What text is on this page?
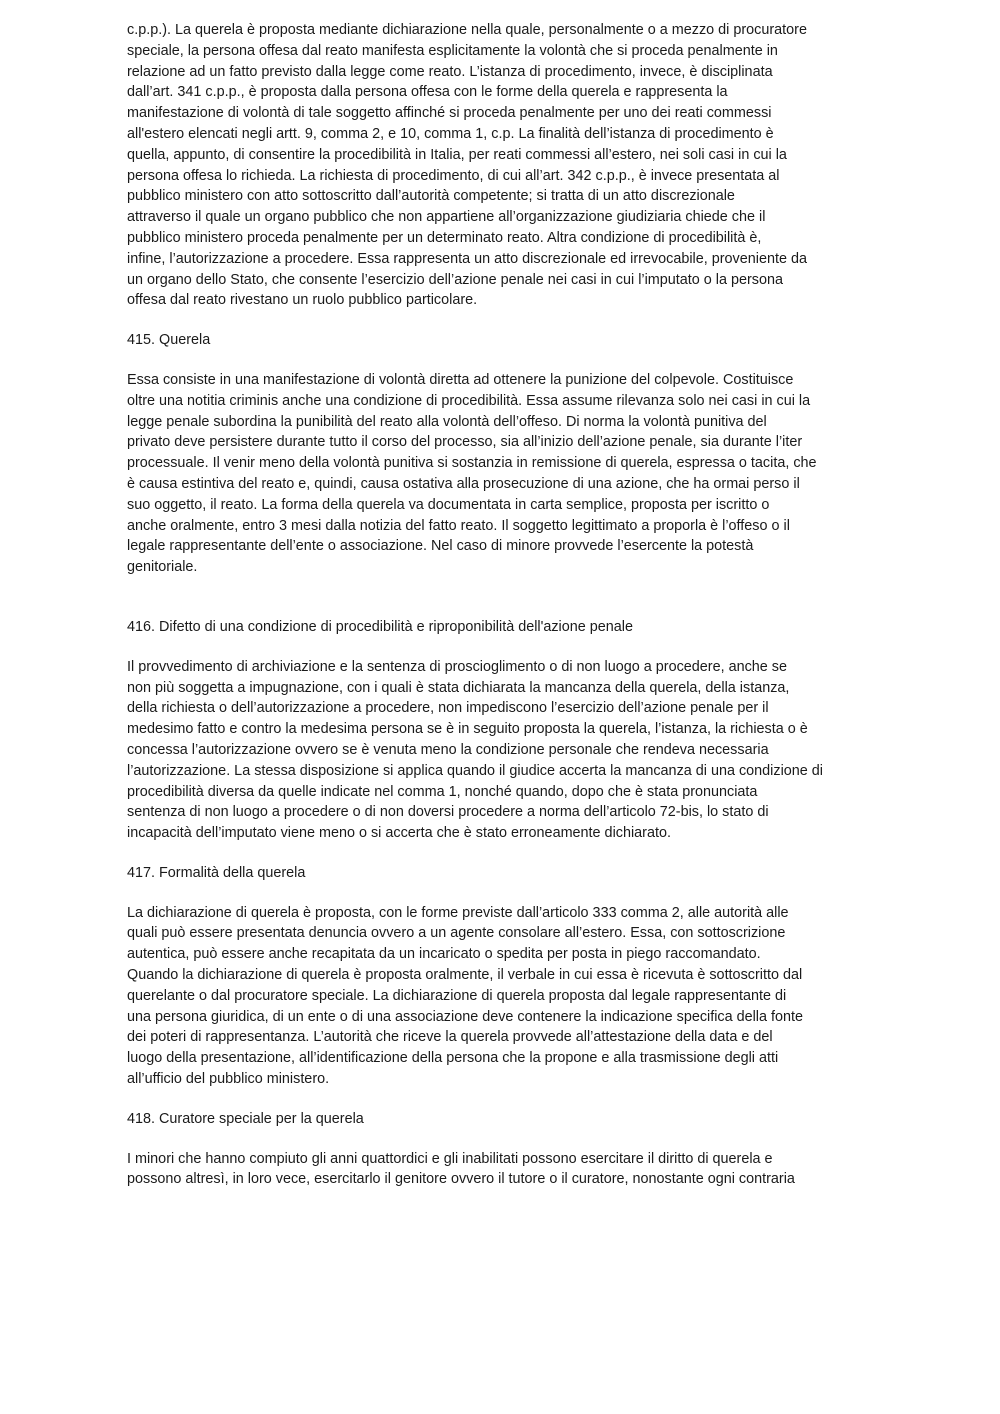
c.p.p.). La querela è proposta mediante dichiarazione nella quale, personalmente o a mezzo di procuratore

speciale, la persona offesa dal reato manifesta esplicitamente la volontà che si proceda penalmente in

relazione ad un fatto previsto dalla legge come reato. L’istanza di procedimento, invece, è disciplinata

dall’art. 341 c.p.p., è proposta dalla persona offesa con le forme della querela e rappresenta la

manifestazione di volontà di tale soggetto affinché si proceda penalmente per uno dei reati commessi

all'estero elencati negli artt. 9, comma 2, e 10, comma 1, c.p. La finalità dell’istanza di procedimento è

quella, appunto, di consentire la procedibilità in Italia, per reati commessi all’estero, nei soli casi in cui la

persona offesa lo richieda. La richiesta di procedimento, di cui all’art. 342 c.p.p., è invece presentata al

pubblico ministero con atto sottoscritto dall’autorità competente; si tratta di un atto discrezionale

attraverso il quale un organo pubblico che non appartiene all’organizzazione giudiziaria chiede che il

pubblico ministero proceda penalmente per un determinato reato. Altra condizione di procedibilità è,

infine, l’autorizzazione a procedere. Essa rappresenta un atto discrezionale ed irrevocabile, proveniente da

un organo dello Stato, che consente l’esercizio dell’azione penale nei casi in cui l’imputato o la persona

offesa dal reato rivestano un ruolo pubblico particolare.

415. Querela

Essa consiste in una manifestazione di volontà diretta ad ottenere la punizione del colpevole. Costituisce

oltre una notitia criminis anche una condizione di procedibilità. Essa assume rilevanza solo nei casi in cui la

legge penale subordina la punibilità del reato alla volontà dell’offeso. Di norma la volontà punitiva del

privato deve persistere durante tutto il corso del processo, sia all’inizio dell’azione penale, sia durante l’iter

processuale. Il venir meno della volontà punitiva si sostanzia in remissione di querela, espressa o tacita, che

è causa estintiva del reato e, quindi, causa ostativa alla prosecuzione di una azione, che ha ormai perso il

suo oggetto, il reato. La forma della querela va documentata in carta semplice, proposta per iscritto o

anche oralmente, entro 3 mesi dalla notizia del fatto reato. Il soggetto legittimato a proporla è l’offeso o il

legale rappresentante dell’ente o associazione. Nel caso di minore provvede l’esercente la potestà

genitoriale.

416. Difetto di una condizione di procedibilità e riproponibilità dell'azione penale

Il provvedimento di archiviazione e la sentenza di proscioglimento o di non luogo a procedere, anche se

non più soggetta a impugnazione, con i quali è stata dichiarata la mancanza della querela, della istanza,

della richiesta o dell’autorizzazione a procedere, non impediscono l’esercizio dell’azione penale per il

medesimo fatto e contro la medesima persona se è in seguito proposta la querela, l’istanza, la richiesta o è

concessa l’autorizzazione ovvero se è venuta meno la condizione personale che rendeva necessaria

l’autorizzazione. La stessa disposizione si applica quando il giudice accerta la mancanza di una condizione di

procedibilità diversa da quelle indicate nel comma 1, nonché quando, dopo che è stata pronunciata

sentenza di non luogo a procedere o di non doversi procedere a norma dell’articolo 72-bis, lo stato di

incapacità dell’imputato viene meno o si accerta che è stato erroneamente dichiarato.

417. Formalità della querela

La dichiarazione di querela è proposta, con le forme previste dall’articolo 333 comma 2, alle autorità alle

quali può essere presentata denuncia ovvero a un agente consolare all’estero. Essa, con sottoscrizione

autentica, può essere anche recapitata da un incaricato o spedita per posta in piego raccomandato.

Quando la dichiarazione di querela è proposta oralmente, il verbale in cui essa è ricevuta è sottoscritto dal

querelante o dal procuratore speciale. La dichiarazione di querela proposta dal legale rappresentante di

una persona giuridica, di un ente o di una associazione deve contenere la indicazione specifica della fonte

dei poteri di rappresentanza. L’autorità che riceve la querela provvede all’attestazione della data e del

luogo della presentazione, all’identificazione della persona che la propone e alla trasmissione degli atti

all’ufficio del pubblico ministero.

418. Curatore speciale per la querela

I minori che hanno compiuto gli anni quattordici e gli inabilitati possono esercitare il diritto di querela e

possono altresì, in loro vece, esercitarlo il genitore ovvero il tutore o il curatore, nonostante ogni contraria
